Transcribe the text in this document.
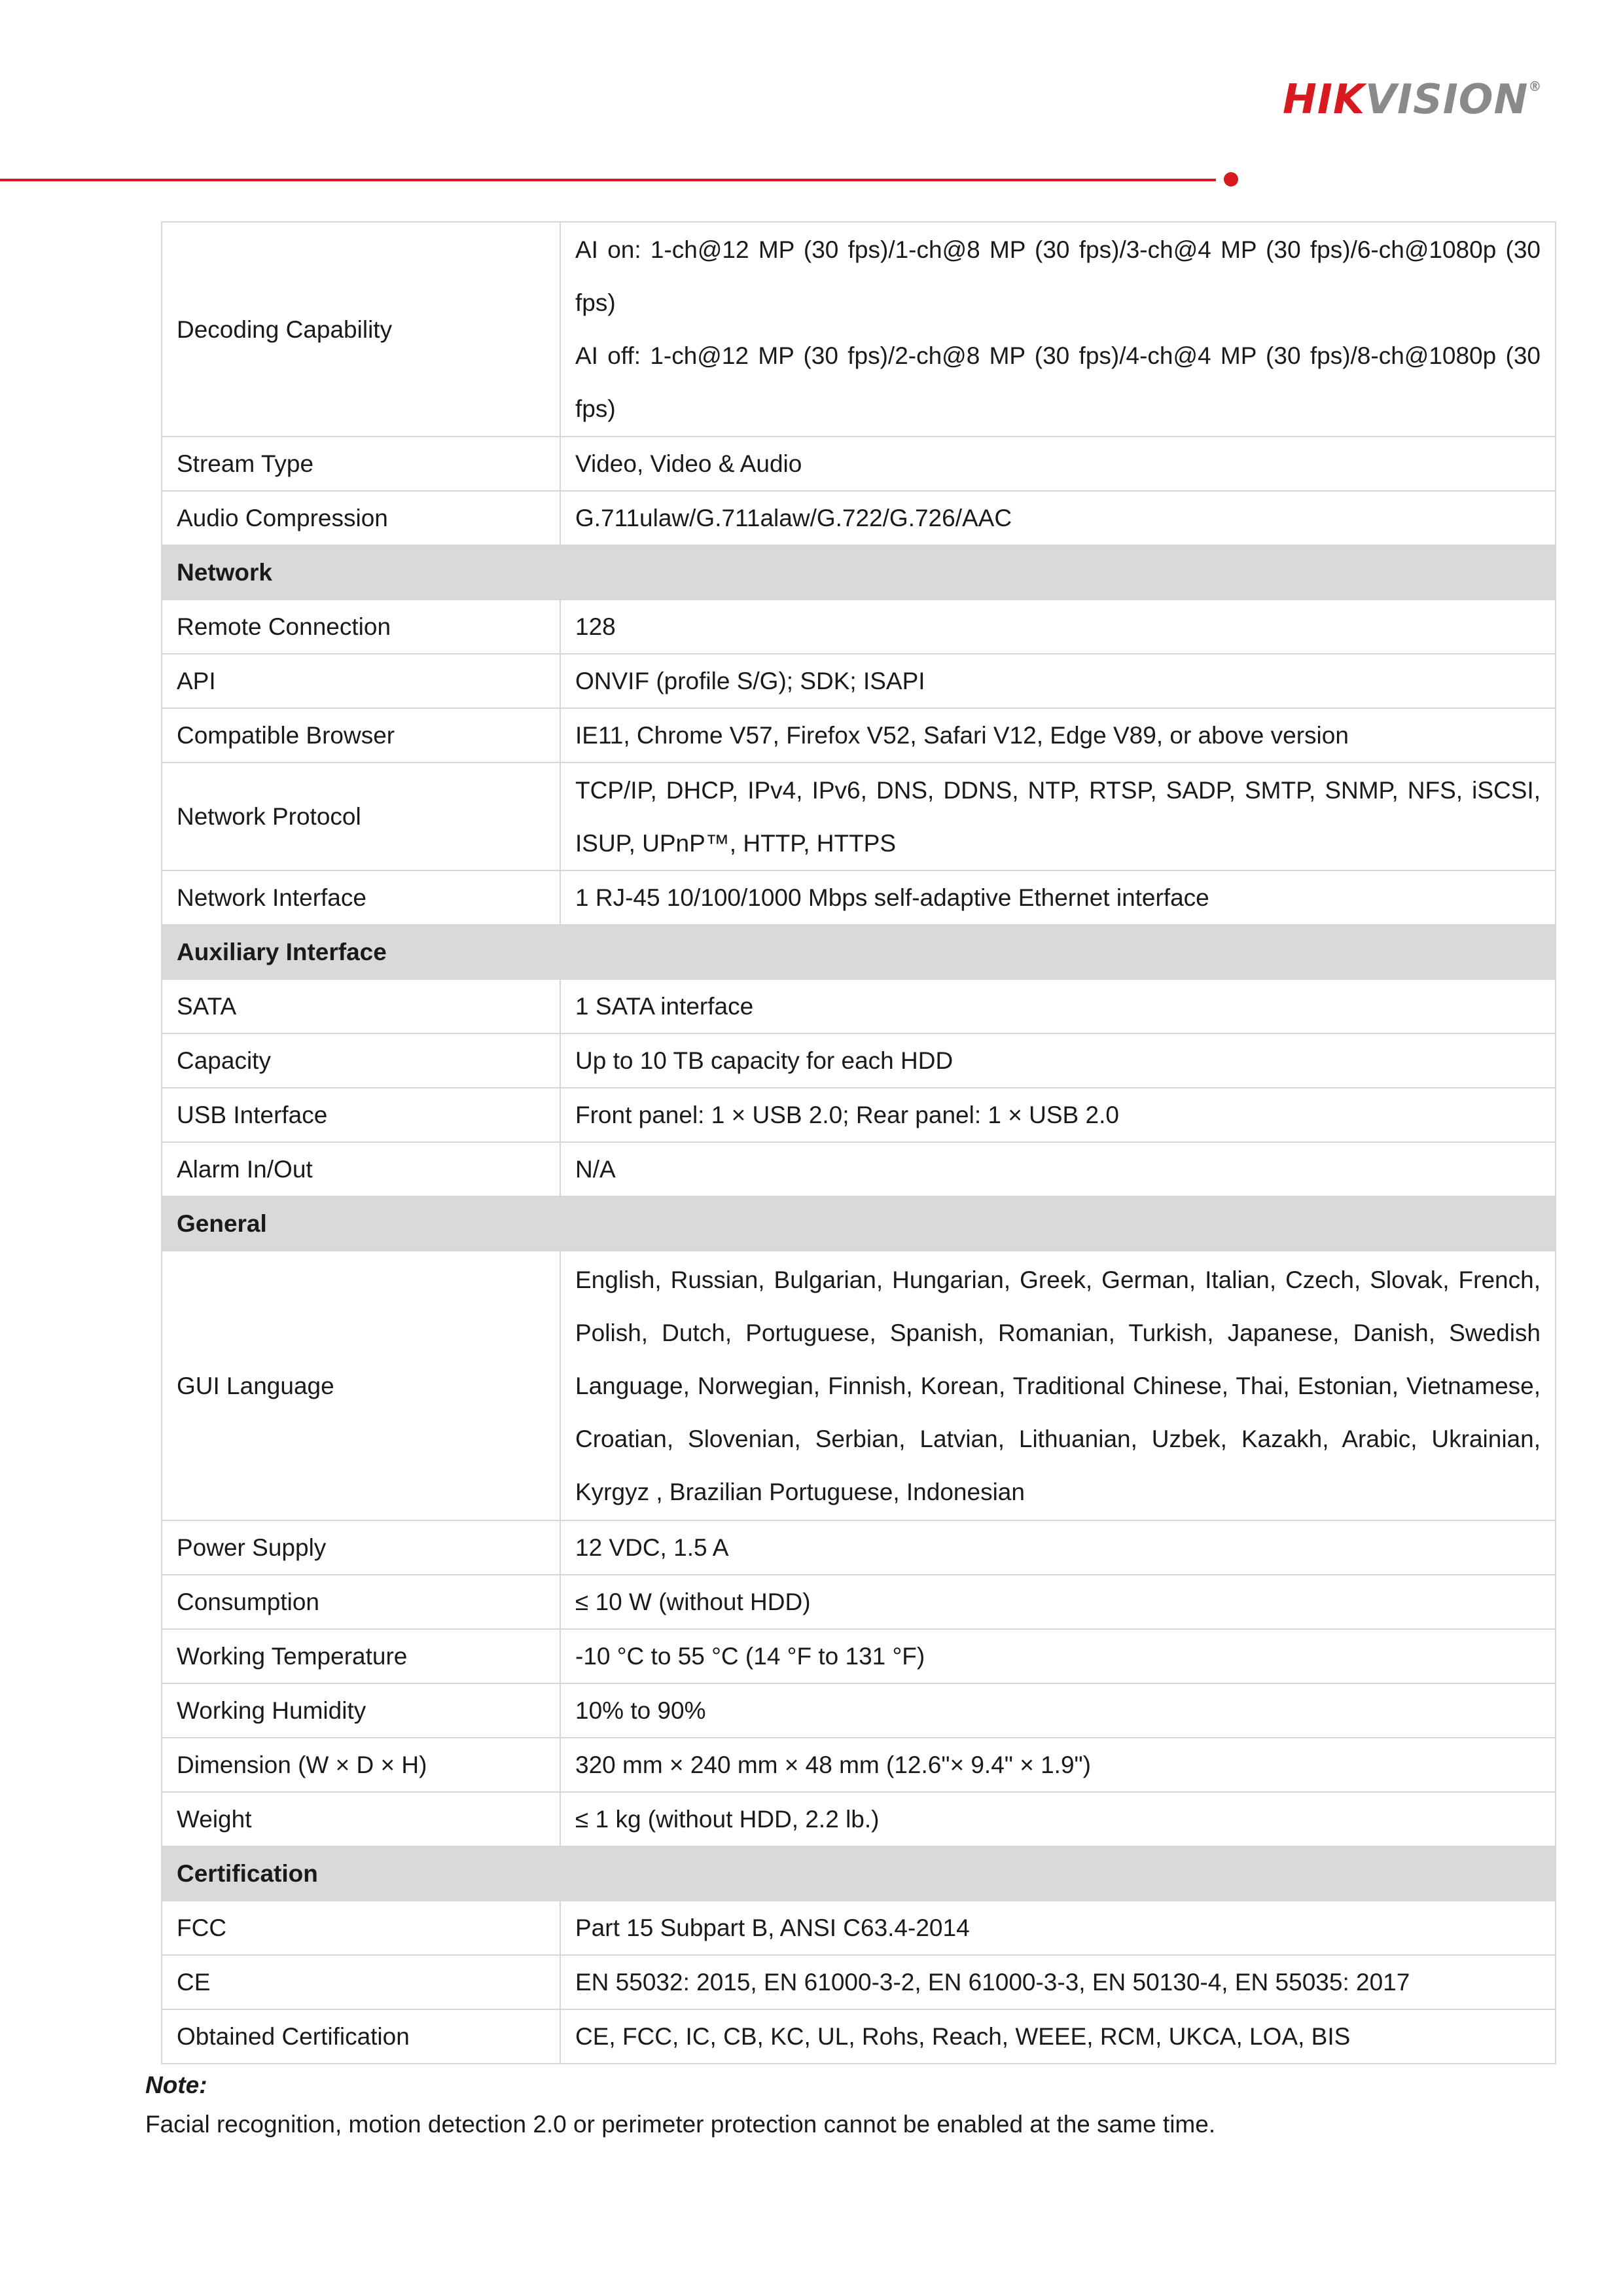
HIKVISION®
Decoding Capability	AI on: 1-ch@12 MP (30 fps)/1-ch@8 MP (30 fps)/3-ch@4 MP (30 fps)/6-ch@1080p (30 fps)
AI off: 1-ch@12 MP (30 fps)/2-ch@8 MP (30 fps)/4-ch@4 MP (30 fps)/8-ch@1080p (30 fps)

Stream Type	Video, Video & Audio
Audio Compression	G.711ulaw/G.711alaw/G.722/G.726/AAC
Network	
Remote Connection	128
API	ONVIF (profile S/G); SDK; ISAPI
Compatible Browser	IE11, Chrome V57, Firefox V52, Safari V12, Edge V89, or above version
Network Protocol	TCP/IP, DHCP, IPv4, IPv6, DNS, DDNS, NTP, RTSP, SADP, SMTP, SNMP, NFS, iSCSI, ISUP, UPnP™, HTTP, HTTPS
Network Interface	1 RJ-45 10/100/1000 Mbps self-adaptive Ethernet interface
Auxiliary Interface	
SATA	1 SATA interface
Capacity	Up to 10 TB capacity for each HDD
USB Interface	Front panel: 1 × USB 2.0; Rear panel: 1 × USB 2.0
Alarm In/Out	N/A
General	
GUI Language	English, Russian, Bulgarian, Hungarian, Greek, German, Italian, Czech, Slovak, French, Polish, Dutch, Portuguese, Spanish, Romanian, Turkish, Japanese, Danish, Swedish Language, Norwegian, Finnish, Korean, Traditional Chinese, Thai, Estonian, Vietnamese, Croatian, Slovenian, Serbian, Latvian, Lithuanian, Uzbek, Kazakh, Arabic, Ukrainian, Kyrgyz , Brazilian Portuguese, Indonesian
Power Supply	12 VDC, 1.5 A
Consumption	≤ 10 W (without HDD)
Working Temperature	-10 °C to 55 °C (14 °F to 131 °F)
Working Humidity	10% to 90%
Dimension (W × D × H)	320 mm × 240 mm × 48 mm (12.6"× 9.4" × 1.9")
Weight	≤ 1 kg (without HDD, 2.2 lb.)
Certification	
FCC	Part 15 Subpart B, ANSI C63.4-2014
CE	EN 55032: 2015, EN 61000-3-2, EN 61000-3-3, EN 50130-4, EN 55035: 2017
Obtained Certification	CE, FCC, IC, CB, KC, UL, Rohs, Reach, WEEE, RCM, UKCA, LOA, BIS
Note:
Facial recognition, motion detection 2.0 or perimeter protection cannot be enabled at the same time.
